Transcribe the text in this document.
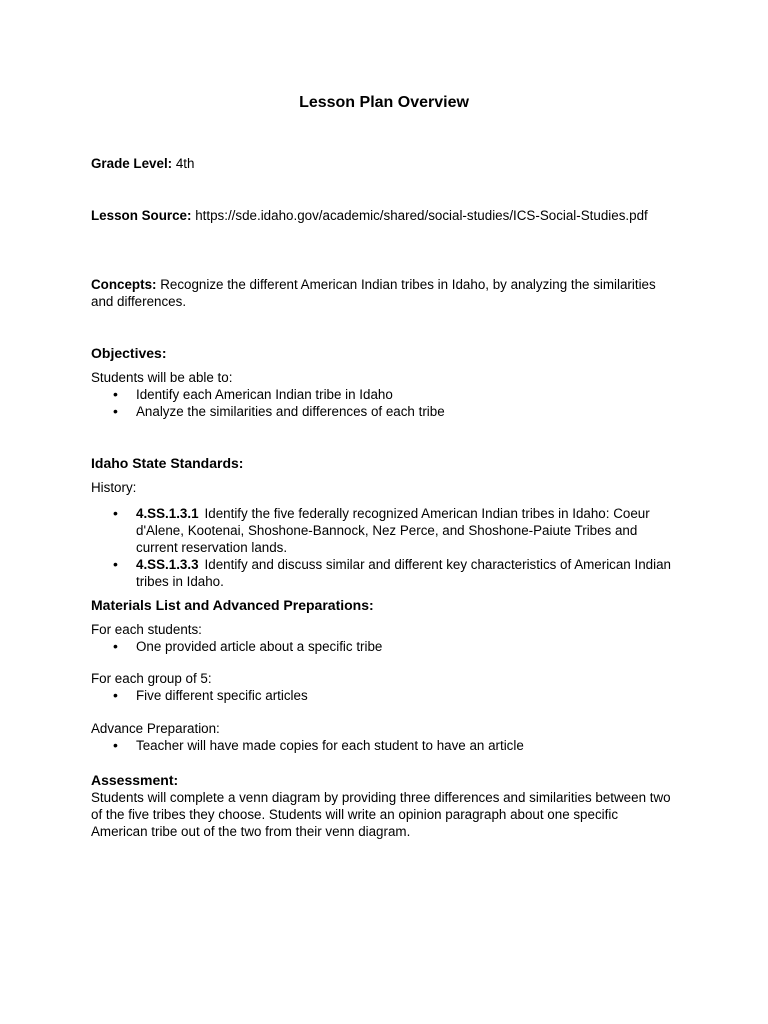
Lesson Plan Overview
Grade Level: 4th
Lesson Source: https://sde.idaho.gov/academic/shared/social-studies/ICS-Social-Studies.pdf
Concepts: Recognize the different American Indian tribes in Idaho, by analyzing the similarities and differences.
Objectives:
Students will be able to:
• Identify each American Indian tribe in Idaho
• Analyze the similarities and differences of each tribe
Idaho State Standards:
History:
• 4.SS.1.3.1 Identify the five federally recognized American Indian tribes in Idaho: Coeur d'Alene, Kootenai, Shoshone-Bannock, Nez Perce, and Shoshone-Paiute Tribes and current reservation lands.
• 4.SS.1.3.3 Identify and discuss similar and different key characteristics of American Indian tribes in Idaho.
Materials List and Advanced Preparations:
For each students:
• One provided article about a specific tribe
For each group of 5:
• Five different specific articles
Advance Preparation:
• Teacher will have made copies for each student to have an article
Assessment:
Students will complete a venn diagram by providing three differences and similarities between two of the five tribes they choose. Students will write an opinion paragraph about one specific American tribe out of the two from their venn diagram.
